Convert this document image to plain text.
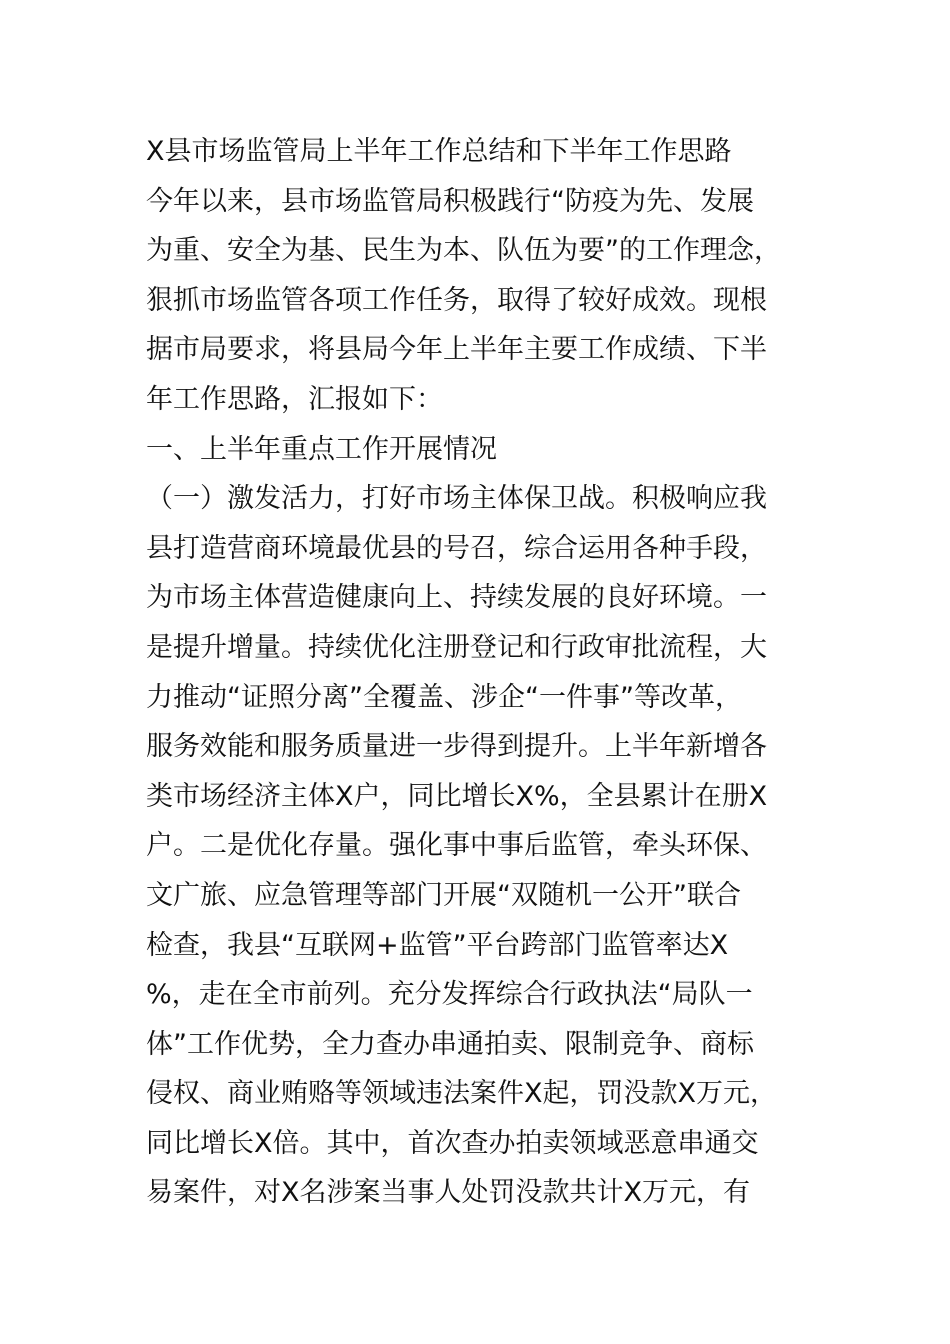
X县市场监管局上半年工作总结和下半年工作思路
今年以来，县市场监管局积极践行“防疫为先、发展
为重、安全为基、民生为本、队伍为要”的工作理念，
狠抓市场监管各项工作任务，取得了较好成效。现根
据市局要求，将县局今年上半年主要工作成绩、下半
年工作思路，汇报如下：
一、上半年重点工作开展情况
（一）激发活力，打好市场主体保卫战。积极响应我
县打造营商环境最优县的号召，综合运用各种手段，
为市场主体营造健康向上、持续发展的良好环境。一
是提升增量。持续优化注册登记和行政审批流程，大
力推动“证照分离”全覆盖、涉企“一件事”等改革，
服务效能和服务质量进一步得到提升。上半年新增各
类市场经济主体X户，同比增长X%，全县累计在册X
户。二是优化存量。强化事中事后监管，牵头环保、
文广旅、应急管理等部门开展“双随机一公开”联合
检查，我县“互联网+监管”平台跨部门监管率达X
%，走在全市前列。充分发挥综合行政执法“局队一
体”工作优势，全力查办串通拍卖、限制竞争、商标
侵权、商业贿赂等领域违法案件X起，罚没款X万元，
同比增长X倍。其中，首次查办拍卖领域恶意串通交
易案件，对X名涉案当事人处罚没款共计X万元，有
